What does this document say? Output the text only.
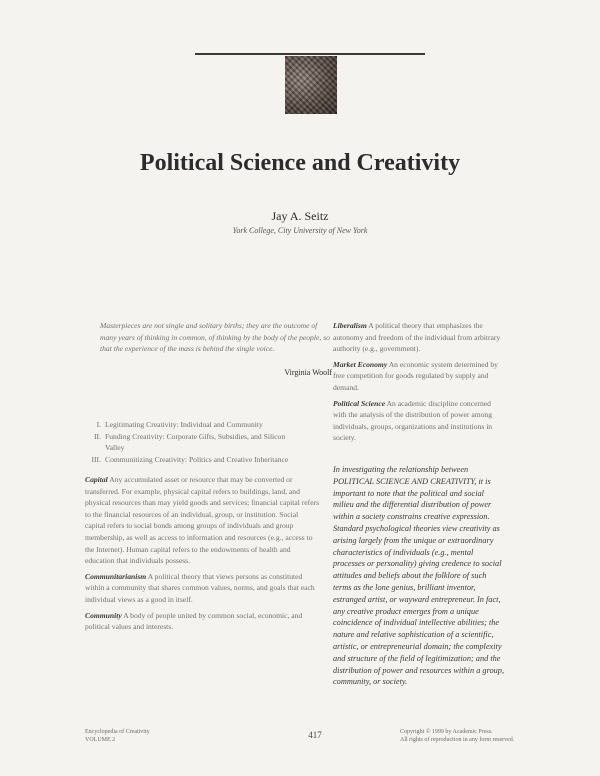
Political Science and Creativity
Jay A. Seitz
York College, City University of New York
Masterpieces are not single and solitary births; they are the outcome of many years of thinking in common, of thinking by the body of the people, so that the experience of the mass is behind the single voice.
Virginia Woolf

Liberalism A political theory that emphasizes the autonomy and freedom of the individual from arbitrary authority (e.g., government).

Market Economy An economic system determined by free competition for goods regulated by supply and demand.

Political Science An academic discipline concerned with the analysis of the distribution of power among individuals, groups, organizations and institutions in society.

I. Legitimating Creativity: Individual and Community
II. Funding Creativity: Corporate Gifts, Subsidies, and Silicon Valley
III. Communitizing Creativity: Politics and Creative Inheritance

Capital Any accumulated asset or resource that may be converted or transferred. For example, physical capital refers to buildings, land, and physical resources than may yield goods and services; financial capital refers to the financial resources of an individual, group, or institution. Social capital refers to social bonds among groups of individuals and group membership, as well as access to information and resources (e.g., access to the Internet). Human capital refers to the endowments of health and education that individuals possess.

Communitarianism A political theory that views persons as constituted within a community that shares common values, norms, and goals that each individual views as a good in itself.

Community A body of people united by common social, economic, and political values and interests.

In investigating the relationship between POLITICAL SCIENCE AND CREATIVITY, it is important to note that the political and social milieu and the differential distribution of power within a society constrains creative expression. Standard psychological theories view creativity as arising largely from the unique or extraordinary characteristics of individuals (e.g., mental processes or personality) giving credence to social attitudes and beliefs about the folklore of such terms as the lone genius, brilliant inventor, estranged artist, or wayward entrepreneur. In fact, any creative product emerges from a unique coincidence of individual intellective abilities; the nature and relative sophistication of a scientific, artistic, or entrepreneurial domain; the complexity and structure of the field of legitimization; and the distribution of power and resources within a group, community, or society.
Encyclopedia of Creativity
VOLUME 2	417	Copyright © 1999 by Academic Press.
All rights of reproduction in any form reserved.
